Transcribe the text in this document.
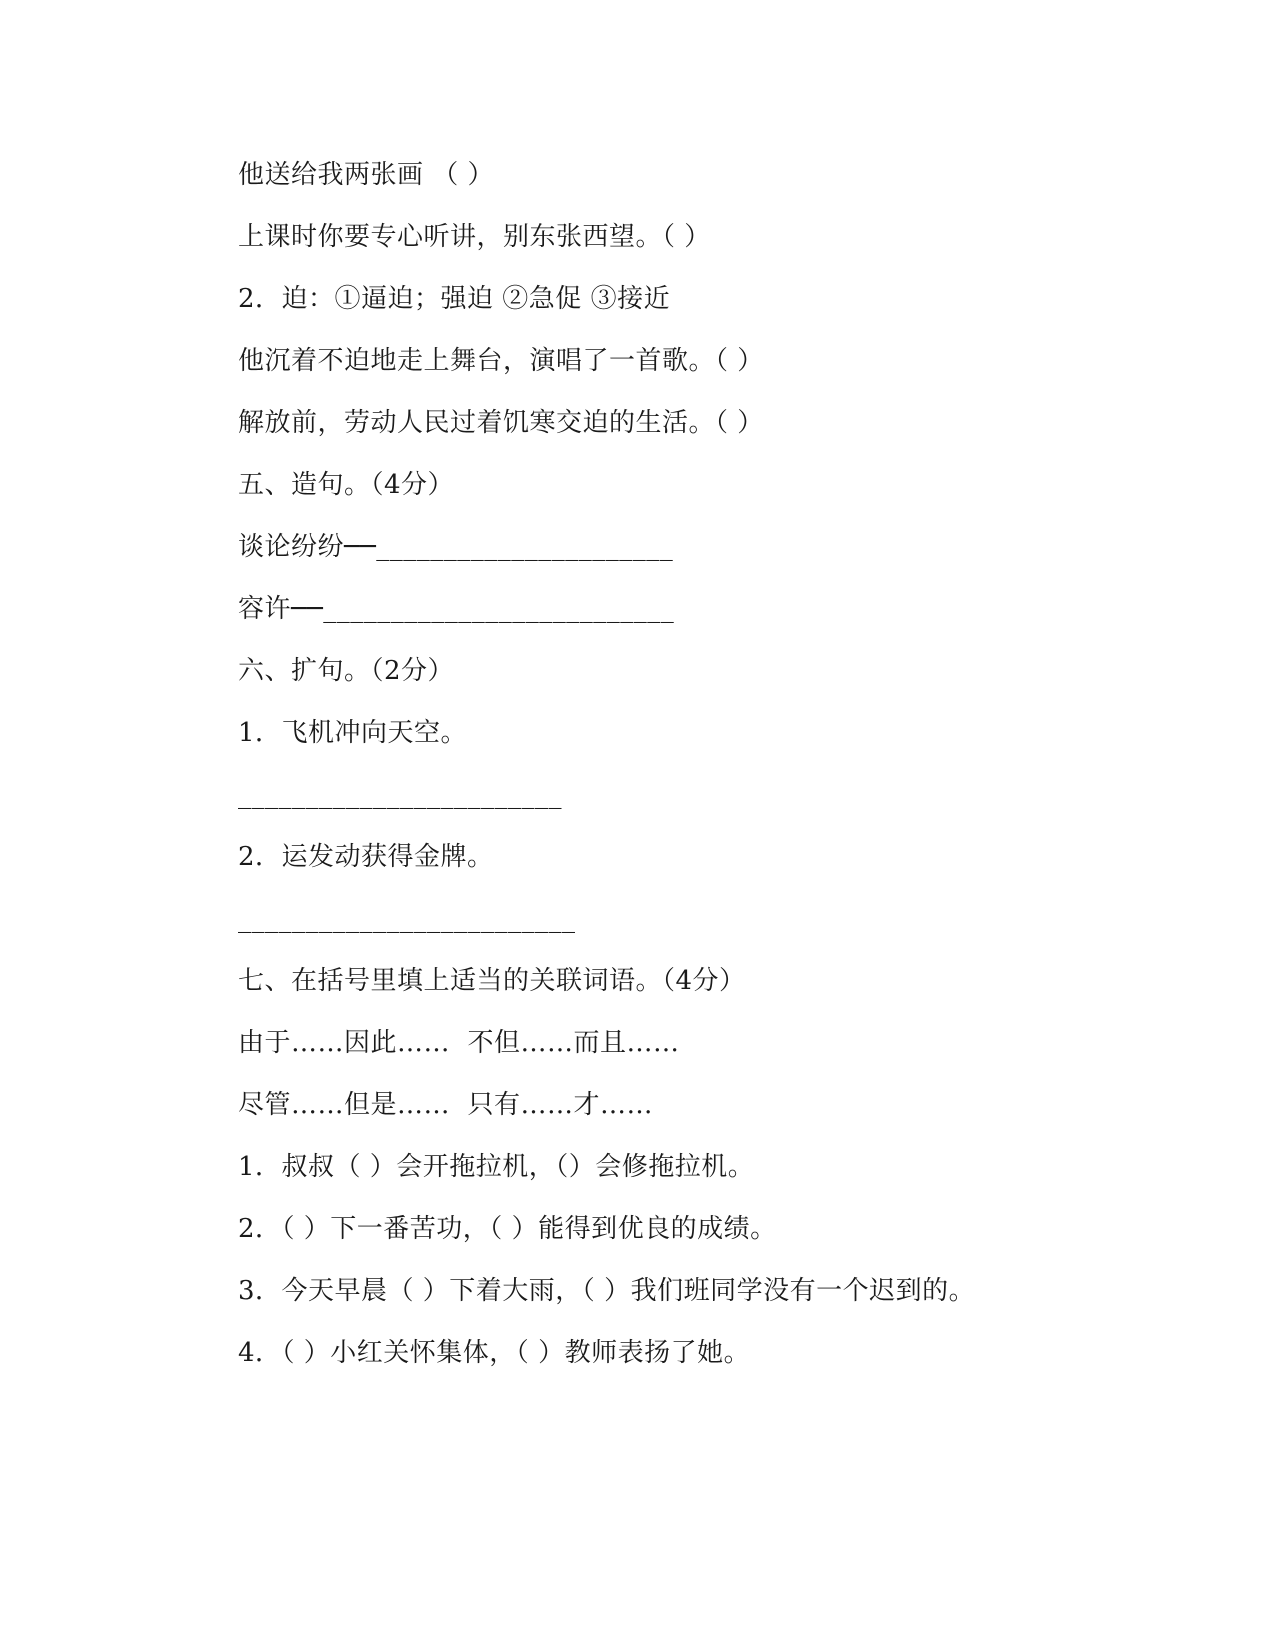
他送给我两张画 （ ）
上课时你要专心听讲，别东张西望。（ ）
2．迫：①逼迫；强迫 ②急促 ③接近
他沉着不迫地走上舞台，演唱了一首歌。（ ）
解放前，劳动人民过着饥寒交迫的生活。（ ）
五、造句。（4分）
谈论纷纷──______________________
容许──__________________________
六、扩句。（2分）
1．飞机冲向天空。
________________________
2．运发动获得金牌。
_________________________
七、在括号里填上适当的关联词语。（4分）
由于……因此……  不但……而且……
尽管……但是……  只有……才……
1．叔叔（ ）会开拖拉机，（）会修拖拉机。
2．（ ）下一番苦功，（ ）能得到优良的成绩。
3．今天早晨（ ）下着大雨，（ ）我们班同学没有一个迟到的。
4．（ ）小红关怀集体，（ ）教师表扬了她。
